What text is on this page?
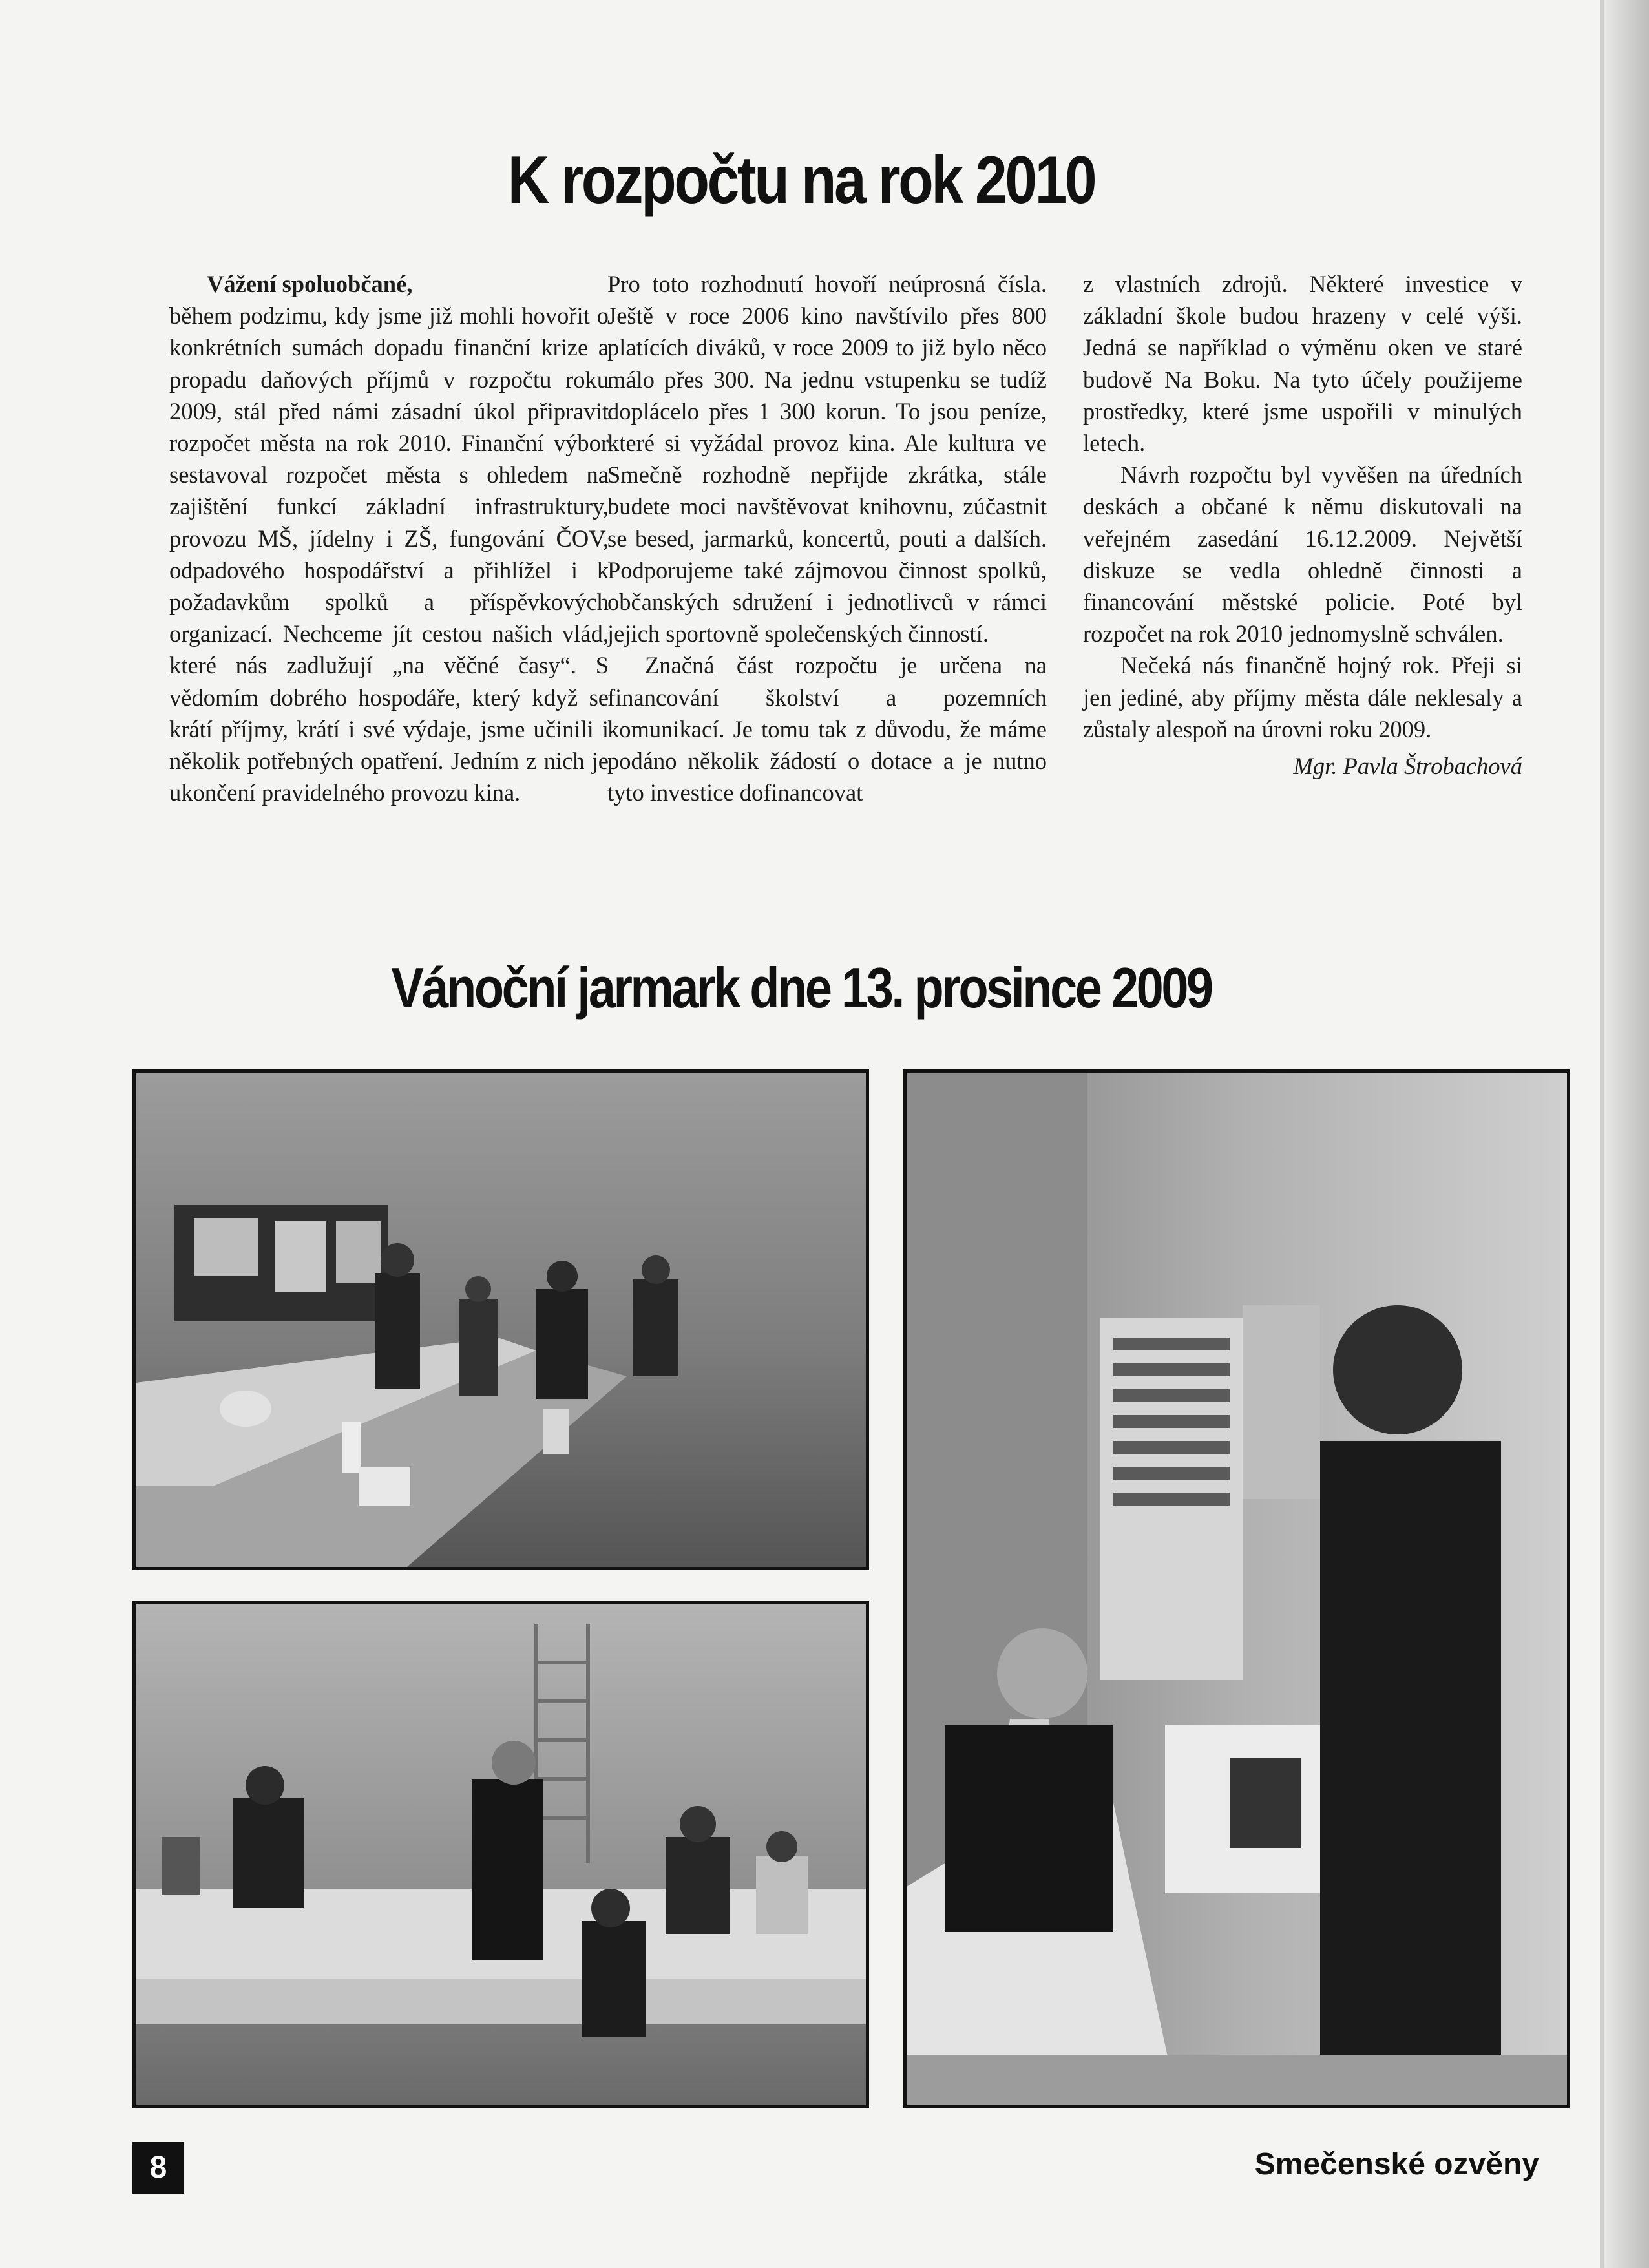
K rozpočtu na rok 2010

Vážení spoluobčané,
během podzimu, kdy jsme již mohli hovořit o konkrétních sumách dopadu finanční krize a propadu daňových příjmů v rozpočtu roku 2009, stál před námi zásadní úkol připravit rozpočet města na rok 2010. Finanční výbor sestavoval rozpočet města s ohledem na zajištění funkcí základní infrastruktury, provozu MŠ, jídelny i ZŠ, fungování ČOV, odpadového hospodářství a přihlížel i k požadavkům spolků a příspěvkových organizací. Nechceme jít cestou našich vlád, které nás zadlužují „na věčné časy“. S vědomím dobrého hospodáře, který když se krátí příjmy, krátí i své výdaje, jsme učinili i několik potřebných opatření. Jedním z nich je ukončení pravidelného provozu kina.

Pro toto rozhodnutí hovoří neúprosná čísla. Ještě v roce 2006 kino navštívilo přes 800 platících diváků, v roce 2009 to již bylo něco málo přes 300. Na jednu vstupenku se tudíž doplácelo přes 1 300 korun. To jsou peníze, které si vyžádal provoz kina. Ale kultura ve Smečně rozhodně nepřijde zkrátka, stále budete moci navštěvovat knihovnu, zúčastnit se besed, jarmarků, koncertů, pouti a dalších. Podporujeme také zájmovou činnost spolků, občanských sdružení i jednotlivců v rámci jejich sportovně společenských činností.

Značná část rozpočtu je určena na financování školství a pozemních komunikací. Je tomu tak z důvodu, že máme podáno několik žádostí o dotace a je nutno tyto investice dofinancovat

z vlastních zdrojů. Některé investice v základní škole budou hrazeny v celé výši. Jedná se například o výměnu oken ve staré budově Na Boku. Na tyto účely použijeme prostředky, které jsme uspořili v minulých letech.

Návrh rozpočtu byl vyvěšen na úředních deskách a občané k němu diskutovali na veřejném zasedání 16.12.2009. Největší diskuze se vedla ohledně činnosti a financování městské policie. Poté byl rozpočet na rok 2010 jednomyslně schválen.

Nečeká nás finančně hojný rok. Přeji si jen jediné, aby příjmy města dále neklesaly a zůstaly alespoň na úrovni roku 2009.

Mgr. Pavla Štrobachová
Vánoční jarmark dne 13. prosince 2009
8	Smečenské ozvěny
